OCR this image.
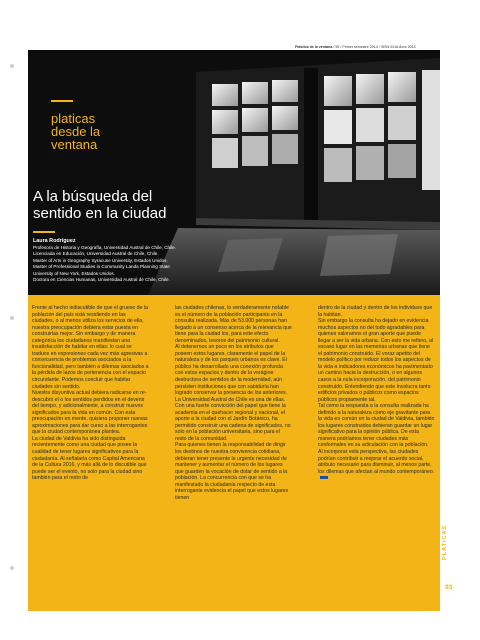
Plástica de la ventana / 55 / Primer semestre 2014 / ISSN 0416-8xxx 2014
platicas
desde la
ventana
A la búsqueda del
sentido en la ciudad
Laura Rodríguez
Profesora de Historia y Geografía, Universidad Austral de Chile, Chile.
Licenciada en Educación, Universidad Austral de Chile, Chile.
Master of Arts in Geography Syracuse University, Estados Unidos.
Master of Professional Studies in Community Landa Planning State
University of New York, Estados Unidos.
Doctora en Ciencias Humanas, Universidad Austral de Chile, Chile.

Frente al hecho indiscutible de que el grueso de la población del país está residiendo en las ciudades, o al menos utiliza los servicios de ella, nuestra preocupación debiera estar puesta en construirlas mejor. Sin embargo y de manera categórica los ciudadanos manifiestan una insatisfacción de habitar en ellas: lo cual se traduce en expresiones cada vez más agresivas a consecuencia de problemas asociados a la funcionalidad, pero también a dilemas asociados a la pérdida de lazos de pertenencia con el espacio circundante. Podemos concluir que habitar ciudades sin sentido.

Nuestra disyuntiva actual debiera radicarse en re-descubrir el o los sentidos perdidos en el devenir del tiempo, y adicionalmente, a construir nuevos significados para la vida en común. Con esta preocupación en mente, quisiera proponer nuevas aproximaciones para dar curso a las interrogantes que la ciudad contemporánea plantea.

La ciudad de Valdivia ha sido distinguida recientemente como una ciudad que posee la cualidad de tener lugares significativos para la ciudadanía. Al señalarla como Capital Americana de la Cultura 2016, y más allá de lo discutible que puede ser el evento, no solo para la ciudad sino también para el resto de

las ciudades chilenas, lo verdaderamente notable es el número de la población participante en la consulta realizada. Más de 53.000 personas han llegado a un consenso acerca de la relevancia que tiene para la ciudad los, para este efecto denominados, tesoros del patrimonio cultural.

Al detenernos un poco en los atributos que poseen estos lugares, claramente el papel de la naturaleza y de los parques urbanos es clave. El público ha desarrollado una conexión profunda con estos espacios y dentro de la vorágine destructora de sentidos de la modernidad, aún persisten instituciones que con sabiduría han logrado conservar la presencia de los anteriores. La Universidad Austral de Chile es una de ellas. Con una fuerte convicción del papel que tiene la academia en el quehacer regional y nacional, el aporte a la ciudad con el Jardín Botánico, ha permitido construir una cadena de significados, no solo en la población universitaria, sino para el resto de la comunidad.

Para quienes tienen la responsabilidad de dirigir los destinos de nuestra convivencia cotidiana, debieran tener presente la urgente necesidad de mantener y aumentar el número de los lugares que guarden la vocación de dotar de sentido a la población. La concurrencia con que se ha manifestado la ciudadanía respecto de esta interrogante evidencia el papel que estos lugares tienen

dentro de la ciudad y dentro de los individuos que la habitan.

Sin embargo la consulta ha dejado en evidencia muchos aspectos no del todo agradables para quienes valoramos el gran aporte que puede llegar a ser la vida urbana. Con esto me refiero, al escaso lugar en las memorias urbanas que tiene el patrimonio construido. El voraz apetito del modelo político por reducir todos los aspectos de la vida a indicadores económicos ha pavimentado un camino hacia la destrucción, o en algunos casos a la nula incorporación, del patrimonio construido. Entendiendo que este involucra tanto edificios privados o públicos como espacios públicos propiamente tal.

Tal como la respuesta a la consulta realizada ha definido a la naturaleza como eje gravitante para la vida en común en la ciudad de Valdivia, también los lugares construidos debieran guardar un lugar significativo para la opinión pública. De esta manera podríamos tener ciudades más conformales en su articulación con la población.

Al incorporar esta perspectiva, las ciudades podrían contribuir a mejorar el acuerdo social, atributo necesario para disminuir, al menos parte, los dilemas que afectan al mundo contemporáneo.

PLATICAS
93
